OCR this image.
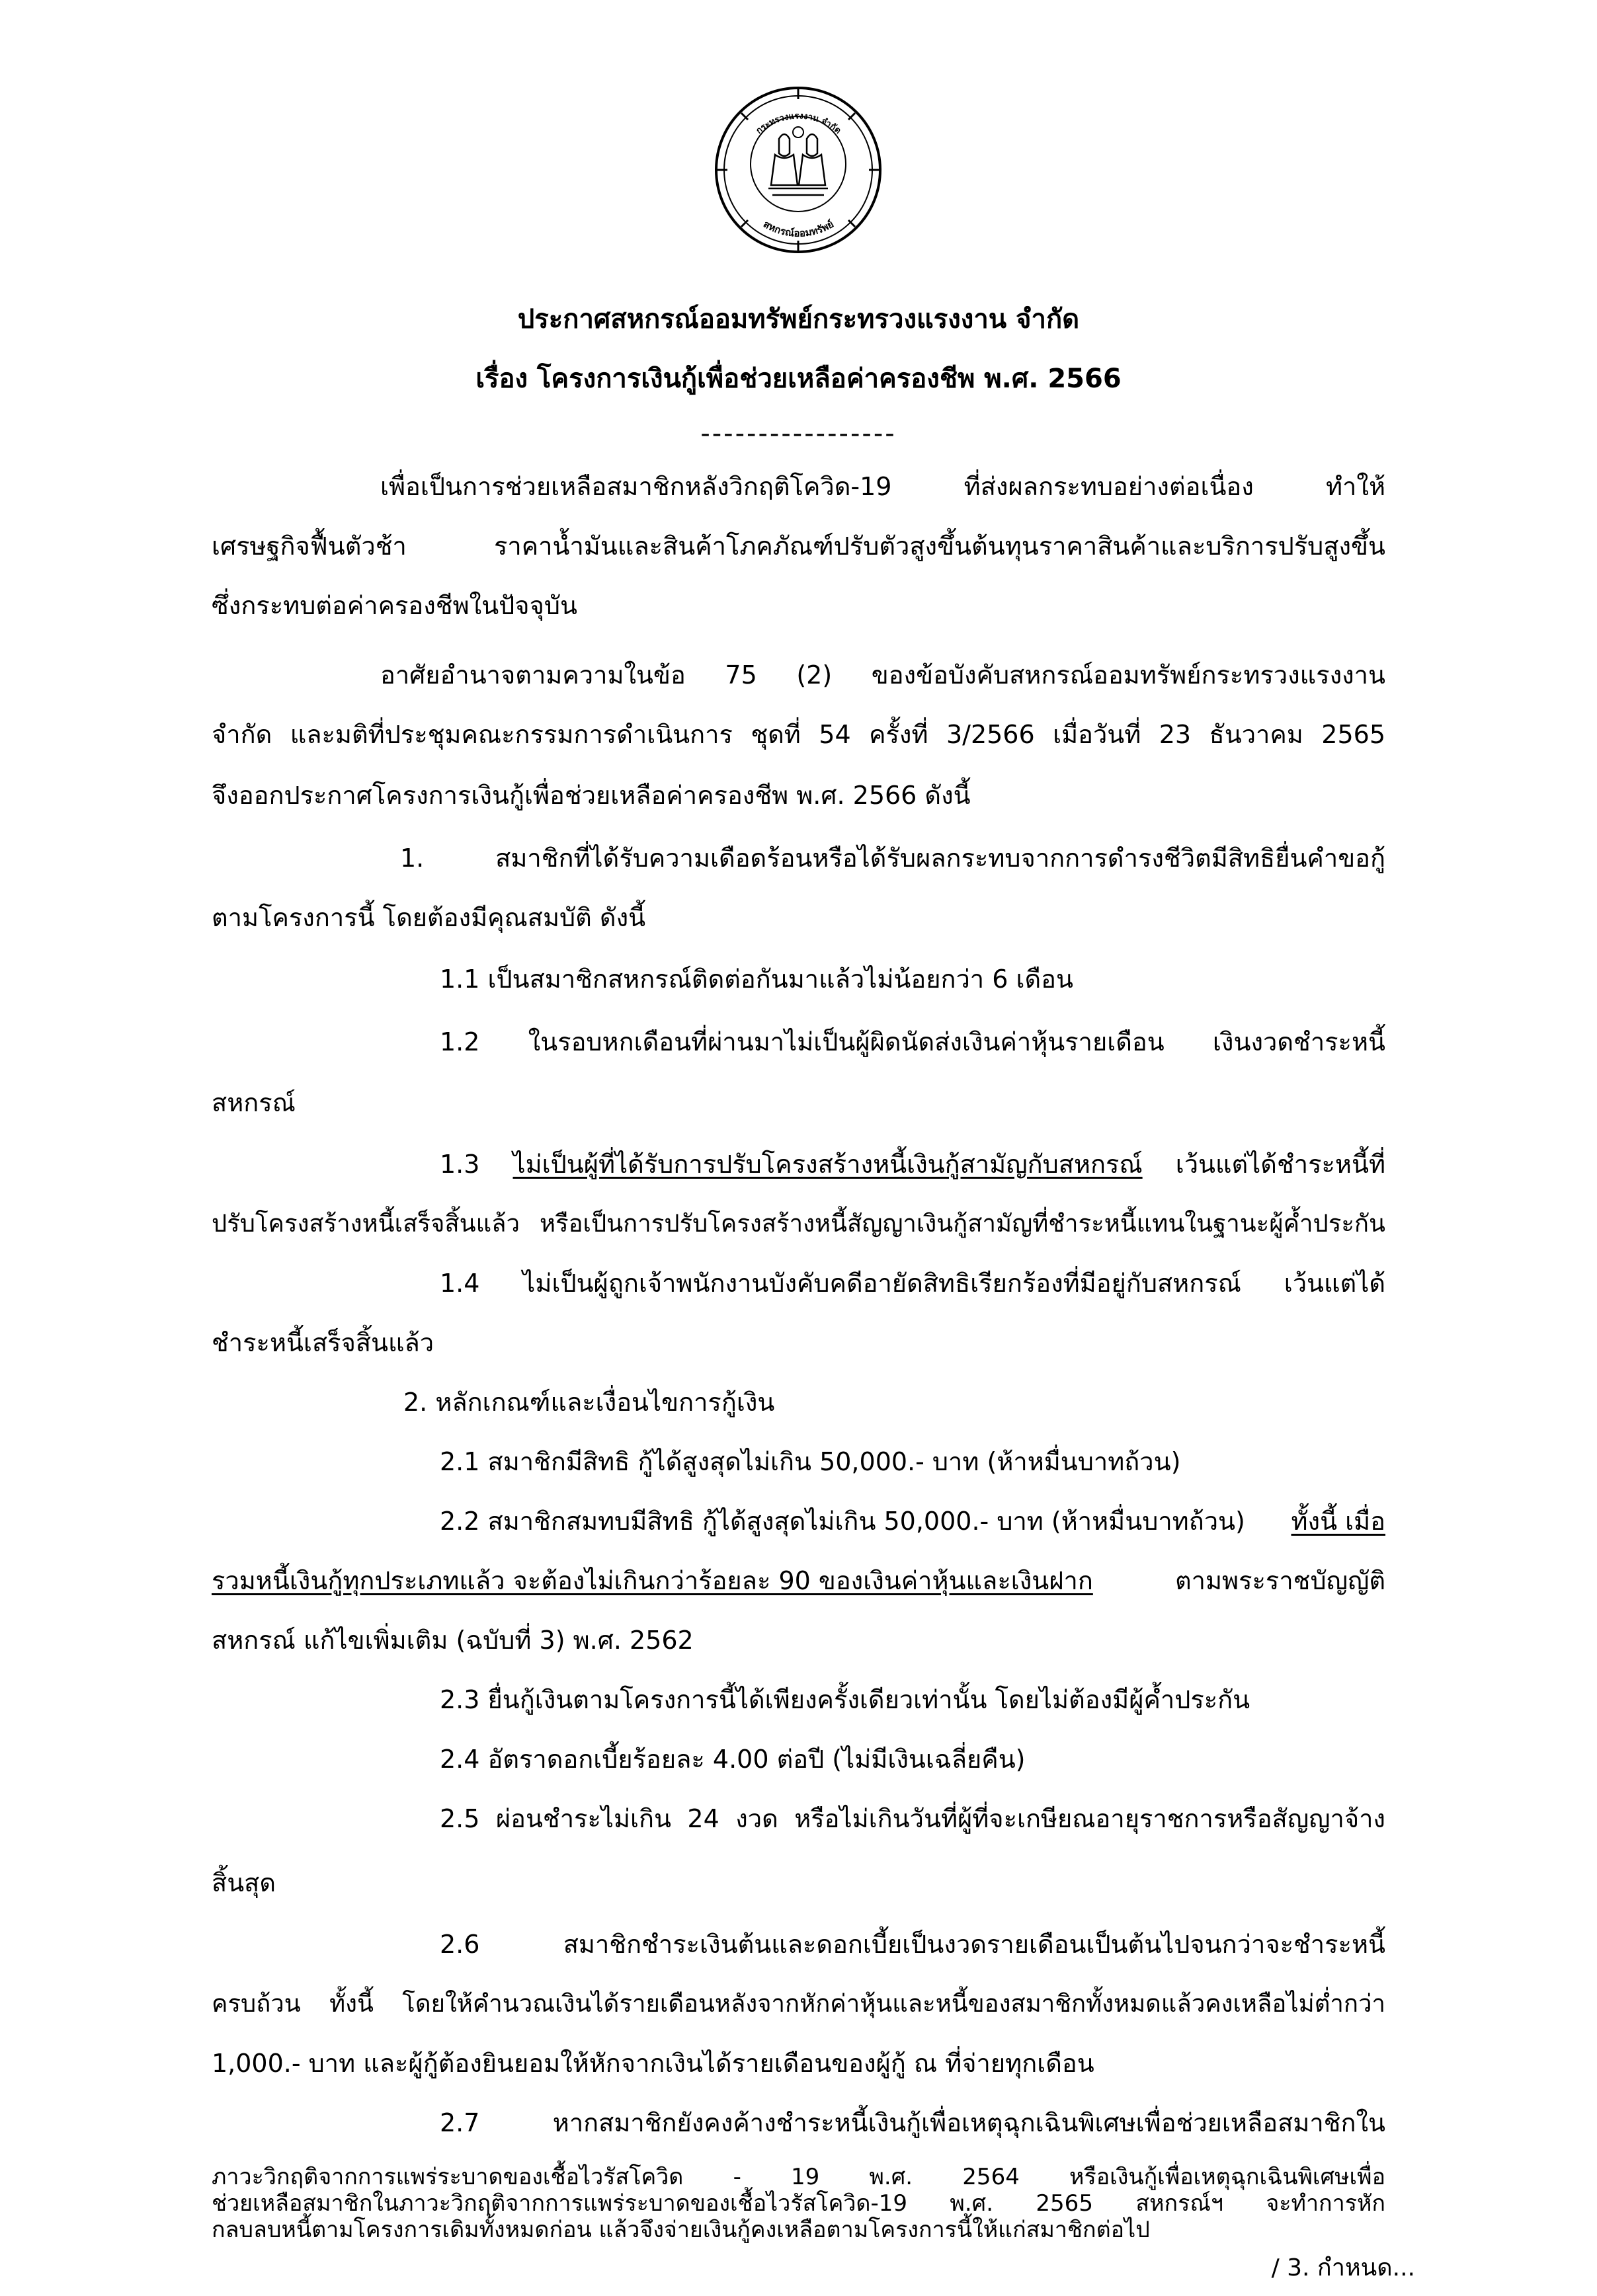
สหกรณ์ออมทรัพย์
กระทรวงแรงงาน จำกัด
ประกาศสหกรณ์ออมทรัพย์กระทรวงแรงงาน จำกัด
เรื่อง โครงการเงินกู้เพื่อช่วยเหลือค่าครองชีพ พ.ศ. 2566
-----------------
เพื่อเป็นการช่วยเหลือสมาชิกหลังวิกฤติโควิด-19 ที่ส่งผลกระทบอย่างต่อเนื่อง ทำให้
เศรษฐกิจฟื้นตัวช้า ราคาน้ำมันและสินค้าโภคภัณฑ์ปรับตัวสูงขึ้นต้นทุนราคาสินค้าและบริการปรับสูงขึ้น
ซึ่งกระทบต่อค่าครองชีพในปัจจุบัน
อาศัยอำนาจตามความในข้อ 75 (2) ของข้อบังคับสหกรณ์ออมทรัพย์กระทรวงแรงงาน
จำกัด และมติที่ประชุมคณะกรรมการดำเนินการ ชุดที่ 54 ครั้งที่ 3/2566 เมื่อวันที่ 23 ธันวาคม 2565
จึงออกประกาศโครงการเงินกู้เพื่อช่วยเหลือค่าครองชีพ พ.ศ. 2566 ดังนี้
1. สมาชิกที่ได้รับความเดือดร้อนหรือได้รับผลกระทบจากการดำรงชีวิตมีสิทธิยื่นคำขอกู้
ตามโครงการนี้ โดยต้องมีคุณสมบัติ ดังนี้
1.1 เป็นสมาชิกสหกรณ์ติดต่อกันมาแล้วไม่น้อยกว่า 6 เดือน
1.2 ในรอบหกเดือนที่ผ่านมาไม่เป็นผู้ผิดนัดส่งเงินค่าหุ้นรายเดือน เงินงวดชำระหนี้
สหกรณ์
1.3 ไม่เป็นผู้ที่ได้รับการปรับโครงสร้างหนี้เงินกู้สามัญกับสหกรณ์ เว้นแต่ได้ชำระหนี้ที่
ปรับโครงสร้างหนี้เสร็จสิ้นแล้ว หรือเป็นการปรับโครงสร้างหนี้สัญญาเงินกู้สามัญที่ชำระหนี้แทนในฐานะผู้ค้ำประกัน
1.4 ไม่เป็นผู้ถูกเจ้าพนักงานบังคับคดีอายัดสิทธิเรียกร้องที่มีอยู่กับสหกรณ์ เว้นแต่ได้
ชำระหนี้เสร็จสิ้นแล้ว
2. หลักเกณฑ์และเงื่อนไขการกู้เงิน
2.1 สมาชิกมีสิทธิ กู้ได้สูงสุดไม่เกิน 50,000.- บาท (ห้าหมื่นบาทถ้วน)
2.2 สมาชิกสมทบมีสิทธิ กู้ได้สูงสุดไม่เกิน 50,000.- บาท (ห้าหมื่นบาทถ้วน) ทั้งนี้ เมื่อ
รวมหนี้เงินกู้ทุกประเภทแล้ว จะต้องไม่เกินกว่าร้อยละ 90 ของเงินค่าหุ้นและเงินฝาก	ตามพระราชบัญญัติ
สหกรณ์ แก้ไขเพิ่มเติม (ฉบับที่ 3) พ.ศ. 2562
2.3 ยื่นกู้เงินตามโครงการนี้ได้เพียงครั้งเดียวเท่านั้น โดยไม่ต้องมีผู้ค้ำประกัน
2.4 อัตราดอกเบี้ยร้อยละ 4.00 ต่อปี (ไม่มีเงินเฉลี่ยคืน)
2.5 ผ่อนชำระไม่เกิน 24 งวด หรือไม่เกินวันที่ผู้ที่จะเกษียณอายุราชการหรือสัญญาจ้าง
สิ้นสุด
2.6 สมาชิกชำระเงินต้นและดอกเบี้ยเป็นงวดรายเดือนเป็นต้นไปจนกว่าจะชำระหนี้
ครบถ้วน ทั้งนี้ โดยให้คำนวณเงินได้รายเดือนหลังจากหักค่าหุ้นและหนี้ของสมาชิกทั้งหมดแล้วคงเหลือไม่ต่ำกว่า
1,000.- บาท และผู้กู้ต้องยินยอมให้หักจากเงินได้รายเดือนของผู้กู้ ณ ที่จ่ายทุกเดือน
2.7 หากสมาชิกยังคงค้างชำระหนี้เงินกู้เพื่อเหตุฉุกเฉินพิเศษเพื่อช่วยเหลือสมาชิกใน
ภาวะวิกฤติจากการแพร่ระบาดของเชื้อไวรัสโควิด - 19 พ.ศ. 2564 หรือเงินกู้เพื่อเหตุฉุกเฉินพิเศษเพื่อ
ช่วยเหลือสมาชิกในภาวะวิกฤติจากการแพร่ระบาดของเชื้อไวรัสโควิด-19 พ.ศ. 2565 สหกรณ์ฯ จะทำการหัก
กลบลบหนี้ตามโครงการเดิมทั้งหมดก่อน แล้วจึงจ่ายเงินกู้คงเหลือตามโครงการนี้ให้แก่สมาชิกต่อไป
/ 3. กำหนด...
